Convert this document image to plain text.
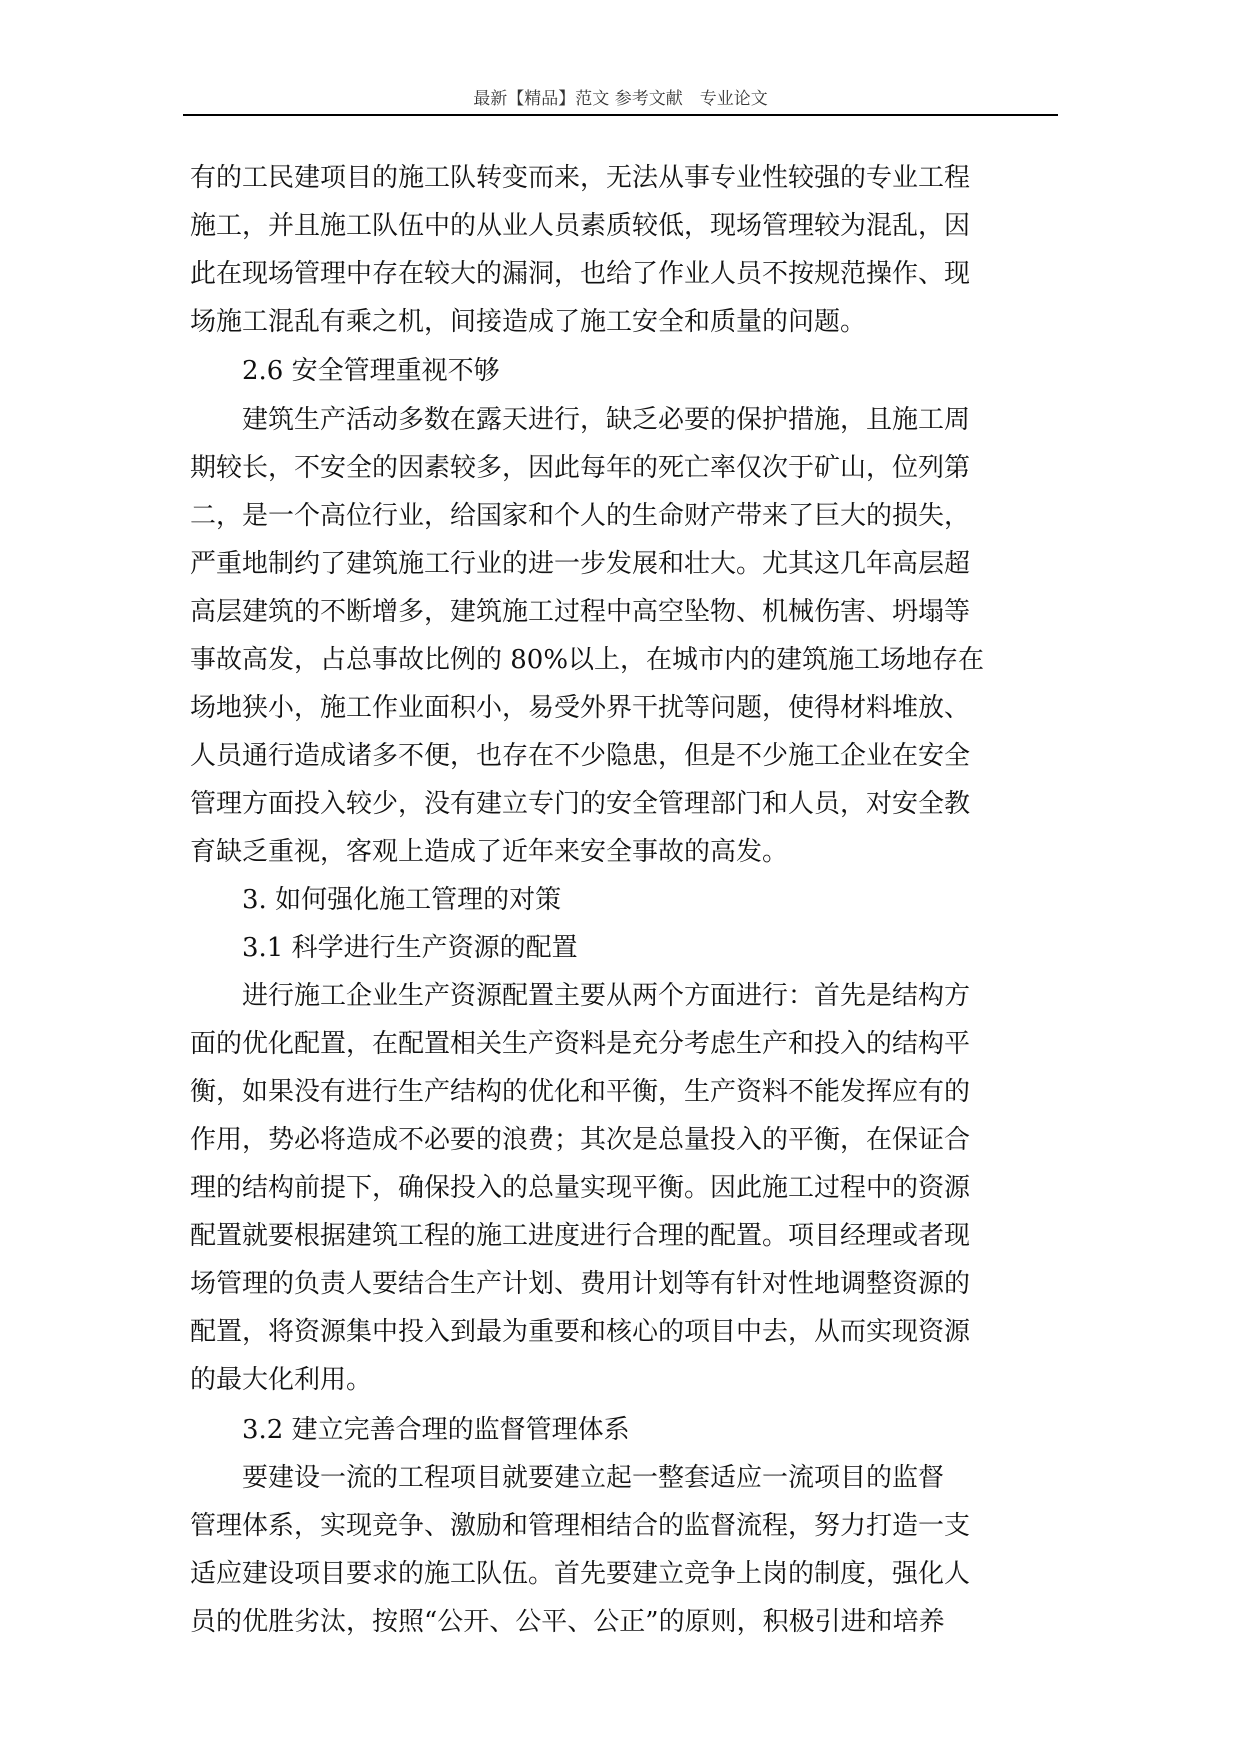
最新【精品】范文 参考文献　专业论文
有的工民建项目的施工队转变而来，无法从事专业性较强的专业工程
施工，并且施工队伍中的从业人员素质较低，现场管理较为混乱，因
此在现场管理中存在较大的漏洞，也给了作业人员不按规范操作、现
场施工混乱有乘之机，间接造成了施工安全和质量的问题。
2.6 安全管理重视不够
建筑生产活动多数在露天进行，缺乏必要的保护措施，且施工周
期较长，不安全的因素较多，因此每年的死亡率仅次于矿山，位列第
二，是一个高位行业，给国家和个人的生命财产带来了巨大的损失，
严重地制约了建筑施工行业的进一步发展和壮大。尤其这几年高层超
高层建筑的不断增多，建筑施工过程中高空坠物、机械伤害、坍塌等
事故高发，占总事故比例的 80%以上，在城市内的建筑施工场地存在
场地狭小，施工作业面积小，易受外界干扰等问题，使得材料堆放、
人员通行造成诸多不便，也存在不少隐患，但是不少施工企业在安全
管理方面投入较少，没有建立专门的安全管理部门和人员，对安全教
育缺乏重视，客观上造成了近年来安全事故的高发。
3. 如何强化施工管理的对策
3.1 科学进行生产资源的配置
进行施工企业生产资源配置主要从两个方面进行：首先是结构方
面的优化配置，在配置相关生产资料是充分考虑生产和投入的结构平
衡，如果没有进行生产结构的优化和平衡，生产资料不能发挥应有的
作用，势必将造成不必要的浪费；其次是总量投入的平衡，在保证合
理的结构前提下，确保投入的总量实现平衡。因此施工过程中的资源
配置就要根据建筑工程的施工进度进行合理的配置。项目经理或者现
场管理的负责人要结合生产计划、费用计划等有针对性地调整资源的
配置，将资源集中投入到最为重要和核心的项目中去，从而实现资源
的最大化利用。
3.2 建立完善合理的监督管理体系
要建设一流的工程项目就要建立起一整套适应一流项目的监督
管理体系，实现竞争、激励和管理相结合的监督流程，努力打造一支
适应建设项目要求的施工队伍。首先要建立竞争上岗的制度，强化人
员的优胜劣汰，按照“公开、公平、公正”的原则，积极引进和培养
